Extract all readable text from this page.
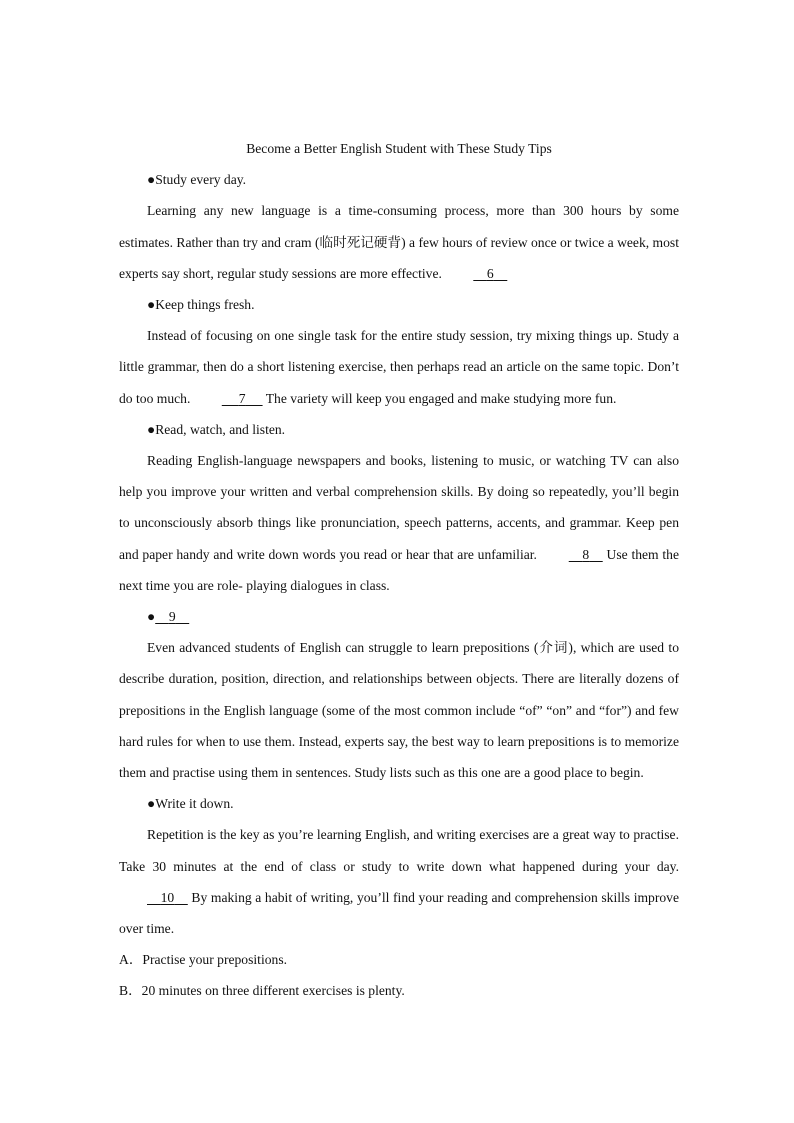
Become a Better English Student with These Study Tips

●Study every day.

Learning any new language is a time-consuming process, more than 300 hours by some estimates. Rather than try and cram (临时死记硬背) a few hours of review once or twice a week, most experts say short, regular study sessions are more effective.	6

●Keep things fresh.

Instead of focusing on one single task for the entire study session, try mixing things up. Study a little grammar, then do a short listening exercise, then perhaps read an article on the same topic. Don’t do too much.	7 The variety will keep you engaged and make studying more fun.

●Read, watch, and listen.

Reading English-language newspapers and books, listening to music, or watching TV can also help you improve your written and verbal comprehension skills. By doing so repeatedly, you’ll begin to unconsciously absorb things like pronunciation, speech patterns, accents, and grammar. Keep pen and paper handy and write down words you read or hear that are unfamiliar.	8 Use them the next time you are role- playing dialogues in class.

● 9

Even advanced students of English can struggle to learn prepositions (介词), which are used to describe duration, position, direction, and relationships between objects. There are literally dozens of prepositions in the English language (some of the most common include “of” “on” and “for”) and few hard rules for when to use them. Instead, experts say, the best way to learn prepositions is to memorize them and practise using them in sentences. Study lists such as this one are a good place to begin.

●Write it down.

Repetition is the key as you’re learning English, and writing exercises are a great way to practise. Take 30 minutes at the end of class or study to write down what happened during your day.     10 By making a habit of writing, you’ll find your reading and comprehension skills improve over time.

A．Practise your prepositions.

B．20 minutes on three different exercises is plenty.
